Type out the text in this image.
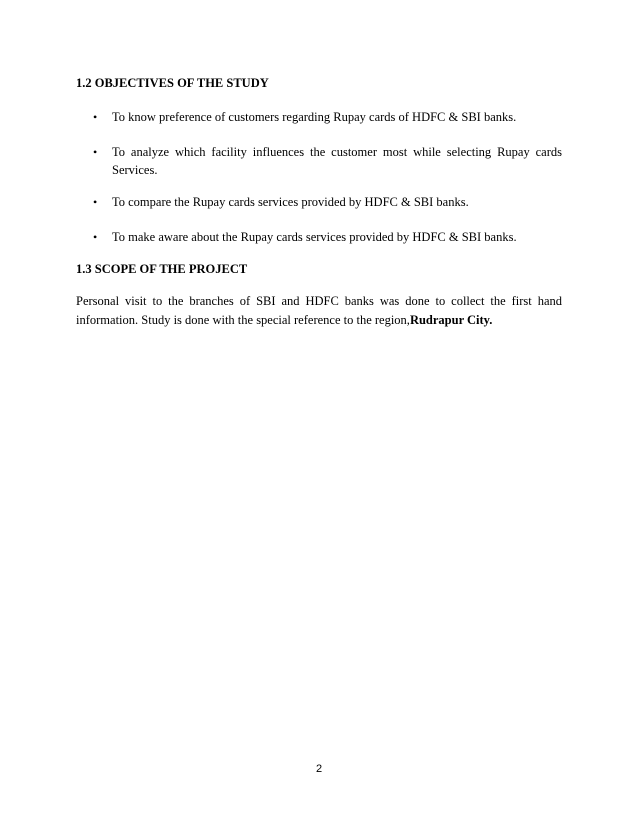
1.2 OBJECTIVES OF THE STUDY
• To know preference of customers regarding Rupay cards of HDFC & SBI banks.
• To analyze which facility influences the customer most while selecting Rupay cards Services.
• To compare the Rupay cards services provided by HDFC & SBI banks.
• To make aware about the Rupay cards services provided by HDFC & SBI banks.
1.3 SCOPE OF THE PROJECT

Personal visit to the branches of SBI and HDFC banks was done to collect the first hand information. Study is done with the special reference to the region,Rudrapur City.

2
